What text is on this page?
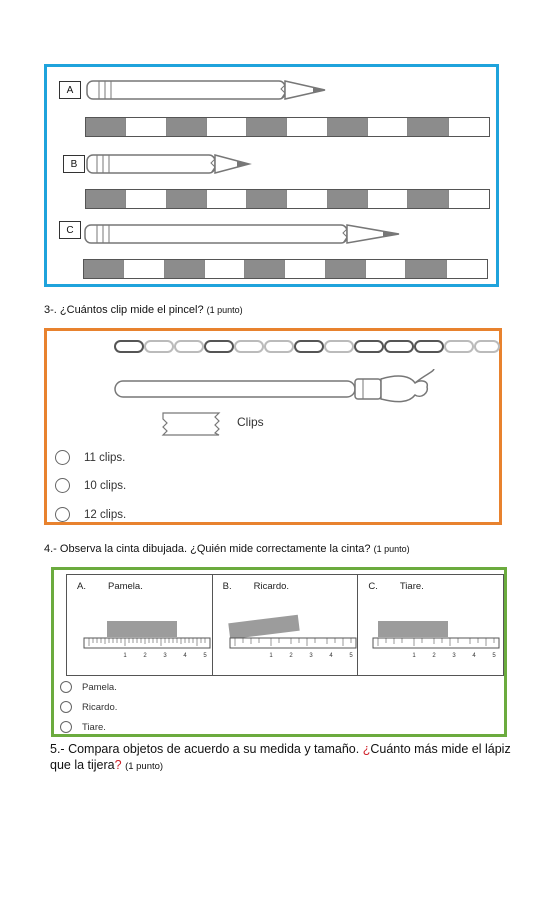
A
B
C
3-. ¿Cuántos clip mide el pincel? (1 punto)
Clips
11 clips.
10 clips.
12 clips.
4.- Observa la cinta dibujada. ¿Quién mide correctamente la cinta? (1 punto)
A. Pamela.
1	2	3	4	5
B. Ricardo.
1	2	3	4	5
C. Tiare.
1	2	3	4	5
Pamela.
Ricardo.
Tiare.
5.- Compara objetos de acuerdo a su medida y tamaño. ¿Cuánto más mide el lápiz que la tijera? (1 punto)
